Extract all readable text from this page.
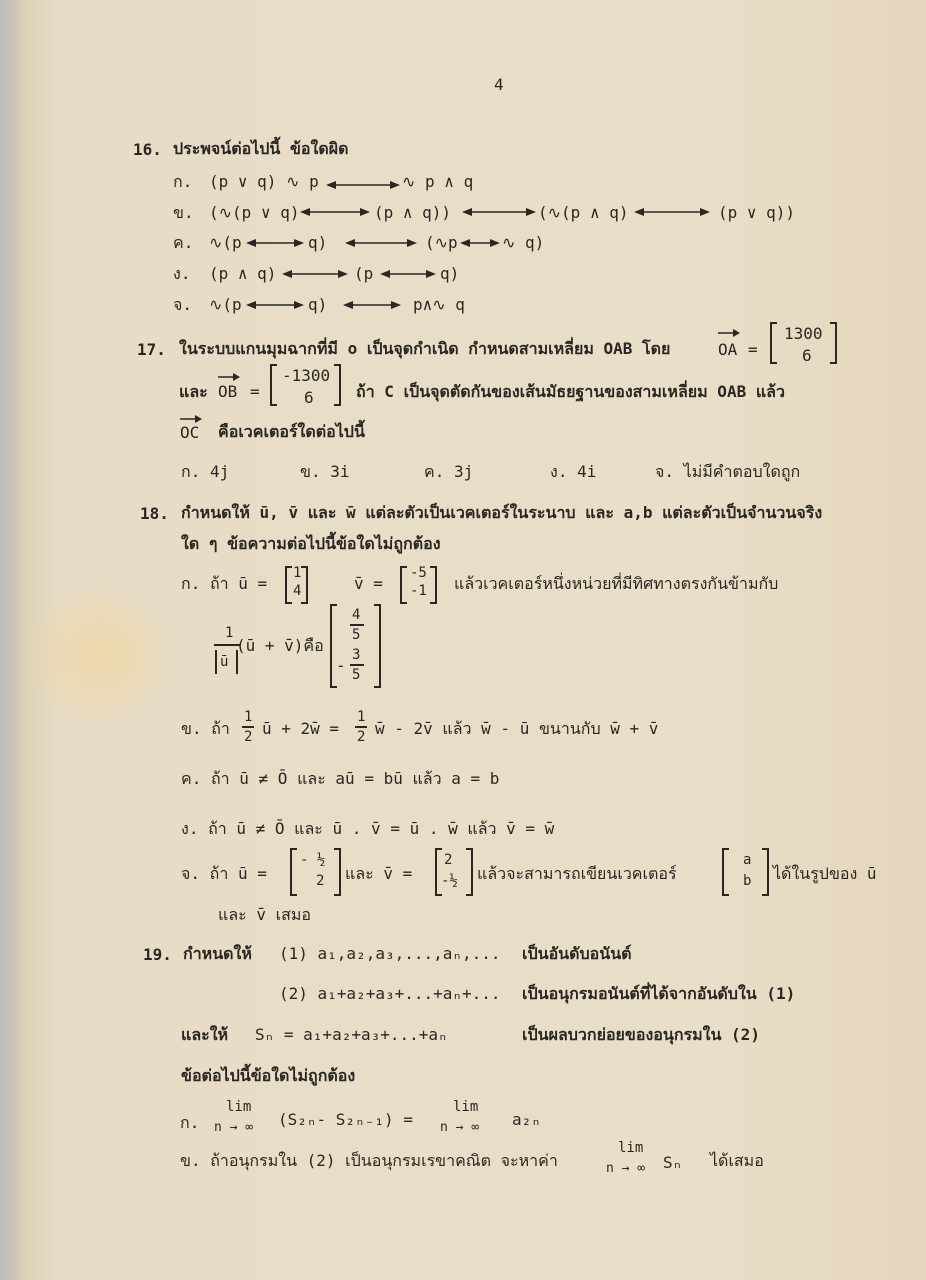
4
16. ประพจน์ต่อไปนี้ ข้อใดผิด
ก. (p ∨ q) ∿ p	∿ p ∧ q
ข. (∿(p ∨ q)	(p ∧ q))	(∿(p ∧ q)	(p ∨ q))
ค. ∿(p	q)	(∿p	∿ q)
ง. (p ∧ q)	(p	q)
จ. ∿(p	q)	p∧∿ q
17. ในระบบแกนมุมฉากที่มี o เป็นจุดกำเนิด กำหนดสามเหลี่ยม OAB โดย	OA =
1300
6
และ OB =
-1300
6	ถ้า C เป็นจุดตัดกันของเส้นมัธยฐานของสามเหลี่ยม OAB แล้ว
OC คือเวคเตอร์ใดต่อไปนี้
ก. 4j	ข. 3i	ค. 3j	ง. 4i	จ. ไม่มีคำตอบใดถูก
18. กำหนดให้ ū, v̄ และ w̄ แต่ละตัวเป็นเวคเตอร์ในระนาบ และ a,b แต่ละตัวเป็นจำนวนจริง
ใด ๆ ข้อความต่อไปนี้ข้อใดไม่ถูกต้อง
ก. ถ้า ū =
1
4	v̄ =
-5
-1 แล้วเวคเตอร์หนึ่งหน่วยที่มีทิศทางตรงกันข้ามกับ
1
ū
(ū + v̄)คือ
4
5
-
3
5
ข. ถ้า
1
2 ū + 2w̄ =
1
2 w̄ - 2v̄ แล้ว w̄ - ū ขนานกับ w̄ + v̄
ค. ถ้า ū ≠ Ō และ aū = bū แล้ว a = b
ง. ถ้า ū ≠ Ō และ ū . v̄ = ū . w̄ แล้ว v̄ = w̄
จ. ถ้า ū =
- ½
2 และ v̄ =
2
-½ แล้วจะสามารถเขียนเวคเตอร์
a
b ได้ในรูปของ ū
และ v̄ เสมอ
19. กำหนดให้ (1) a₁,a₂,a₃,...,aₙ,... เป็นอันดับอนันต์
(2) a₁+a₂+a₃+...+aₙ+... เป็นอนุกรมอนันต์ที่ได้จากอันดับใน (1)
และให้ Sₙ = a₁+a₂+a₃+...+aₙ	เป็นผลบวกย่อยของอนุกรมใน (2)
ข้อต่อไปนี้ข้อใดไม่ถูกต้อง
ก.
lim
n → ∞ (S₂ₙ- S₂ₙ₋₁) =
lim
n → ∞ a₂ₙ
ข. ถ้าอนุกรมใน (2) เป็นอนุกรมเรขาคณิต จะหาค่า
lim
n → ∞ Sₙ ได้เสมอ
